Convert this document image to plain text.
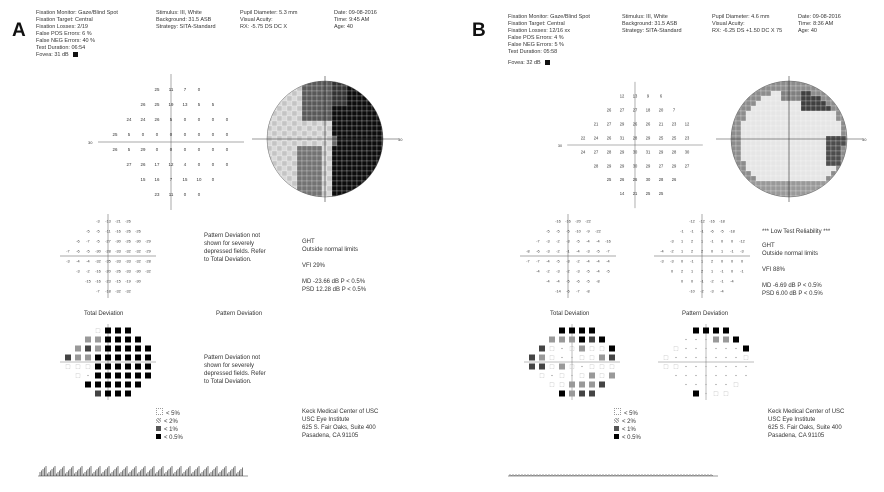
A
Fixation Monitor: Gaze/Blind Spot
Fixation Target: Central
Fixation Losses: 2/19
False POS Errors: 6 %
False NEG Errors: 40 %
Test Duration: 06:54
Stimulus: III, White
Background: 31.5 ASB
Strategy: SITA-Standard
Pupil Diameter: 5.3 mm
Visual Acuity:
RX: -5.75 DS DC X
Date: 09-08-2016
Time: 9:45 AM
Age: 40
Fovea: 31 dB
25 11 7	0
26 25 19 13 5	5
24 24 26 5	0	0	0	0
25 5	0	0	0	0	0	0	0
26 5 29 0	0	0	0	0	0
27 26 17 12 4	0	0	0
15 16 7 15 10 0
23 11 0	0
30
30
-3 -13 -21 -26
-5 -5 -11 -16 -26 -26
-6 -7 -5 -27 -30 -26 -30 -29
-7 -6 -5 -30 -28 -33 -32 -32 -29
-3 -4 -4 -32 -35 -33 -33 -32 -28
-3 -2 -16 -20 -26 -33 -30 -32
-15 -16 -23 -15 -19 -30
-7 -18 -32 -32
Pattern Deviation not
shown for severely
depressed fields. Refer
to Total Deviation.
GHT
Outside normal limits
VFI 29%
MD -23.66 dB P < 0.5%
PSD 12.28 dB P < 0.5%
Total Deviation	Pattern Deviation
Pattern Deviation not
shown for severely
depressed fields. Refer
to Total Deviation.
< 5%
< 2%
< 1%
< 0.5%
Keck Medical Center of USC
USC Eye Institute
625 S. Fair Oaks, Suite 400
Pasadena, CA 91105
B
Fixation Monitor: Gaze/Blind Spot
Fixation Target: Central
Fixation Losses: 12/16 xx
False POS Errors: 4 %
False NEG Errors: 5 %
Test Duration: 05:58
Stimulus: III, White
Background: 31.5 ASB
Strategy: SITA-Standard
Pupil Diameter: 4.6 mm
Visual Acuity:
RX: -6.25 DS +1.50 DC X 75
Date: 09-08-2016
Time: 8:36 AM
Age: 40
Fovea: 32 dB
12 13 9 6
26 27 27 18 20 7
21 27 29 26 26 21 23 12
22 24 26 31 28 29 25 25 23
24 27 28 29 30 31 29 28 30
28 29 29 30 29 27 29 27
25 26 26 30 28 26
14 21 25 25
30
30
-16 -16 -20 -22
-5 -5 -5 -10 -9 -22
-7 -3 -2 -3 -5 -4 -4 -16
-8 -6 -3 -2 -1 -4 -3 -5 -7
-7 -7 -4 -5 -3 -2 -4 -4 -4
-4 -2 -3 -2 -3 -5 -4 -5
-4 -4 -5 -6 -5 -8
-14 -6 -7 -8
-12 -12 -16 -18
-1 -1 -1 -6 -5 -18
-3 1 2 1 -1 0 0 -12
-4 -2 1 2 2 0 1 -1 -3
-3 -3 0 -1 1 2 0 0 0
0 2 1 2 1 -1 0 -1
0 0 -1 -2 -1 -4
-10 -2 -3 -4
*** Low Test Reliability ***
GHT
Outside normal limits
VFI 88%
MD -6.69 dB P < 0.5%
PSD 6.00 dB P < 0.5%
Total Deviation	Pattern Deviation
< 5%
< 2%
< 1%
< 0.5%
Keck Medical Center of USC
USC Eye Institute
625 S. Fair Oaks, Suite 400
Pasadena, CA 91105
